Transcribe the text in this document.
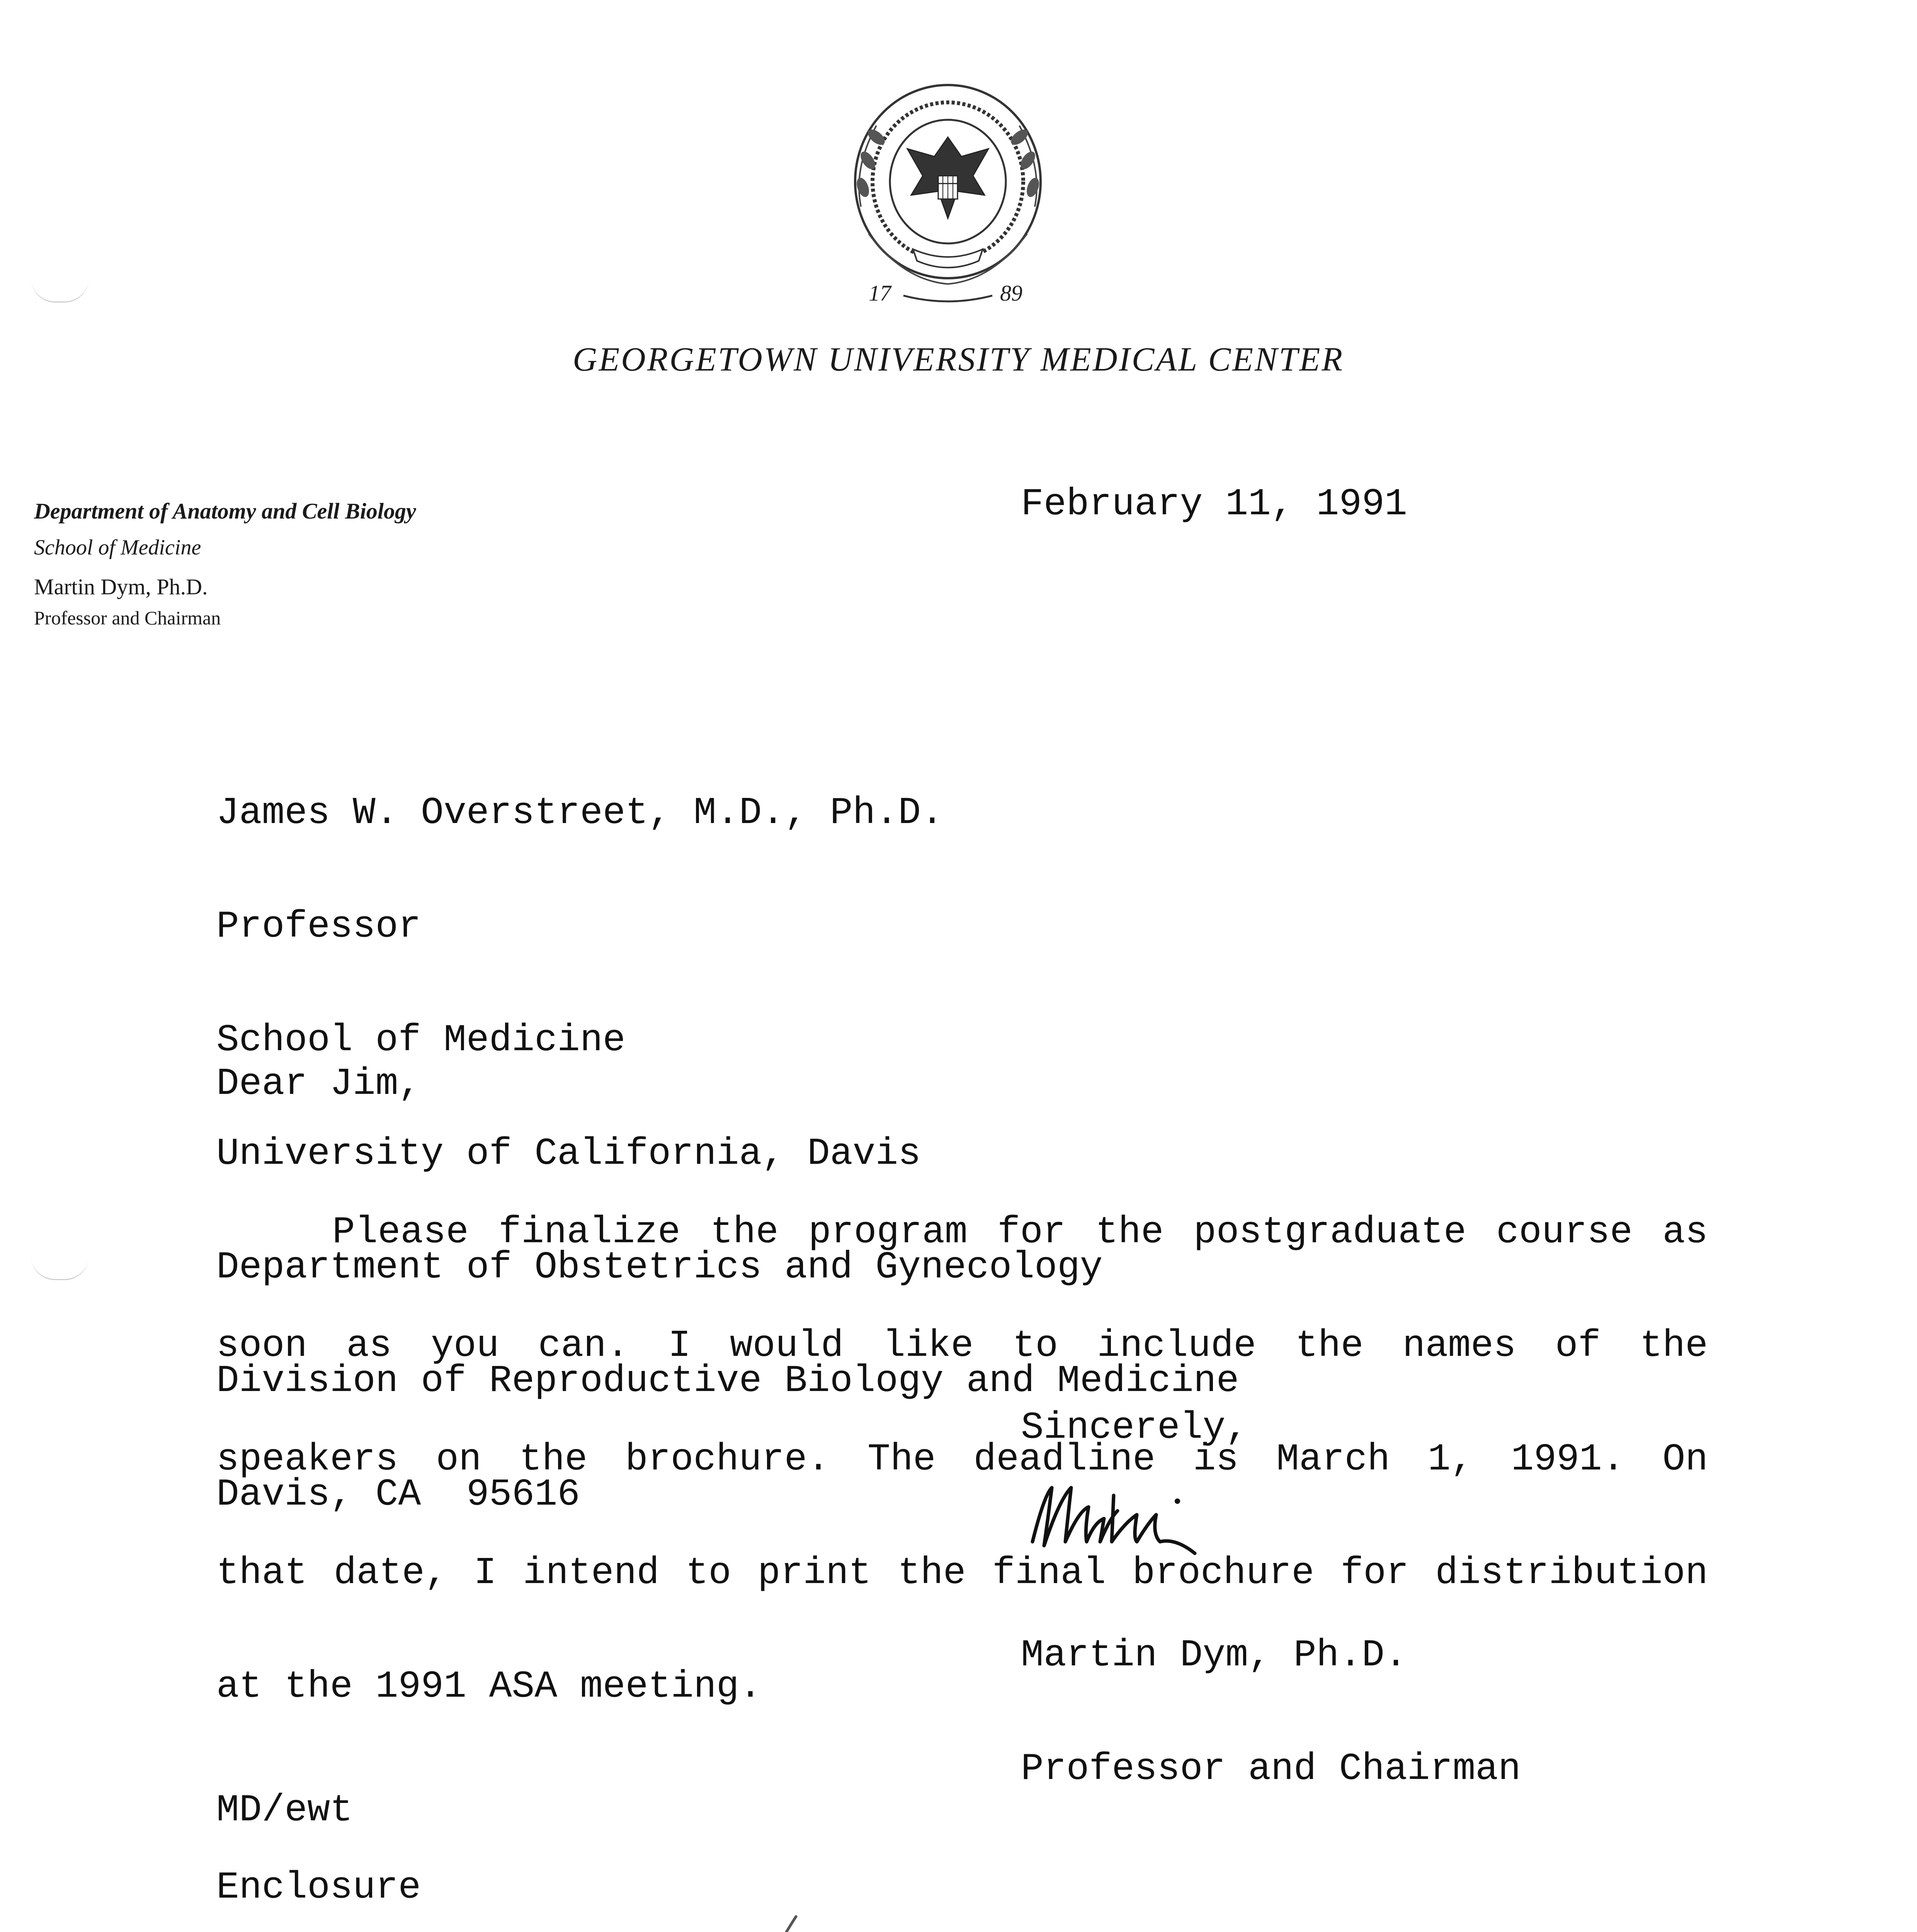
17	89
GEORGETOWN UNIVERSITY MEDICAL CENTER
Department of Anatomy and Cell Biology
School of Medicine
Martin Dym, Ph.D.
Professor and Chairman
February 11, 1991

James W. Overstreet, M.D., Ph.D.

Professor

School of Medicine

University of California, Davis

Department of Obstetrics and Gynecology

Division of Reproductive Biology and Medicine

Davis, CA  95616

Dear Jim,

Please finalize the program for the postgraduate course as

soon as you can. I would like to include the names of the

speakers on the brochure. The deadline is March 1, 1991. On

that date, I intend to print the final brochure for distribution

at the 1991 ASA meeting.

Sincerely,

Martin Dym, Ph.D.

Professor and Chairman

MD/ewt
Enclosure
